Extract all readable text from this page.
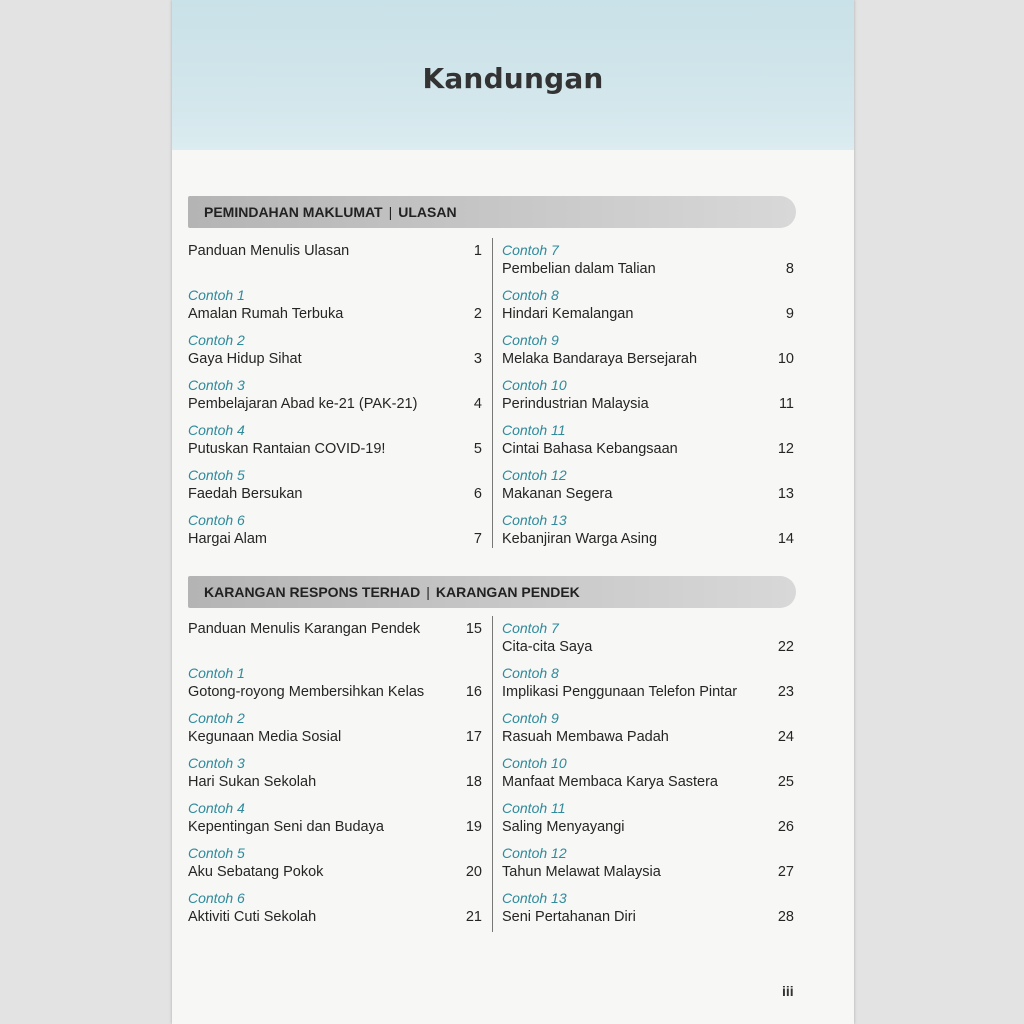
Kandungan
PEMINDAHAN MAKLUMAT | ULASAN
Panduan Menulis Ulasan	1
Contoh 1
Amalan Rumah Terbuka	2
Contoh 2
Gaya Hidup Sihat	3
Contoh 3
Pembelajaran Abad ke-21 (PAK-21)	4
Contoh 4
Putuskan Rantaian COVID-19!	5
Contoh 5
Faedah Bersukan	6
Contoh 6
Hargai Alam	7
Contoh 7
Pembelian dalam Talian	8
Contoh 8
Hindari Kemalangan	9
Contoh 9
Melaka Bandaraya Bersejarah	10
Contoh 10
Perindustrian Malaysia	11
Contoh 11
Cintai Bahasa Kebangsaan	12
Contoh 12
Makanan Segera	13
Contoh 13
Kebanjiran Warga Asing	14
KARANGAN RESPONS TERHAD | KARANGAN PENDEK
Panduan Menulis Karangan Pendek	15
Contoh 1
Gotong-royong Membersihkan Kelas	16
Contoh 2
Kegunaan Media Sosial	17
Contoh 3
Hari Sukan Sekolah	18
Contoh 4
Kepentingan Seni dan Budaya	19
Contoh 5
Aku Sebatang Pokok	20
Contoh 6
Aktiviti Cuti Sekolah	21
Contoh 7
Cita-cita Saya	22
Contoh 8
Implikasi Penggunaan Telefon Pintar	23
Contoh 9
Rasuah Membawa Padah	24
Contoh 10
Manfaat Membaca Karya Sastera	25
Contoh 11
Saling Menyayangi	26
Contoh 12
Tahun Melawat Malaysia	27
Contoh 13
Seni Pertahanan Diri	28
iii
